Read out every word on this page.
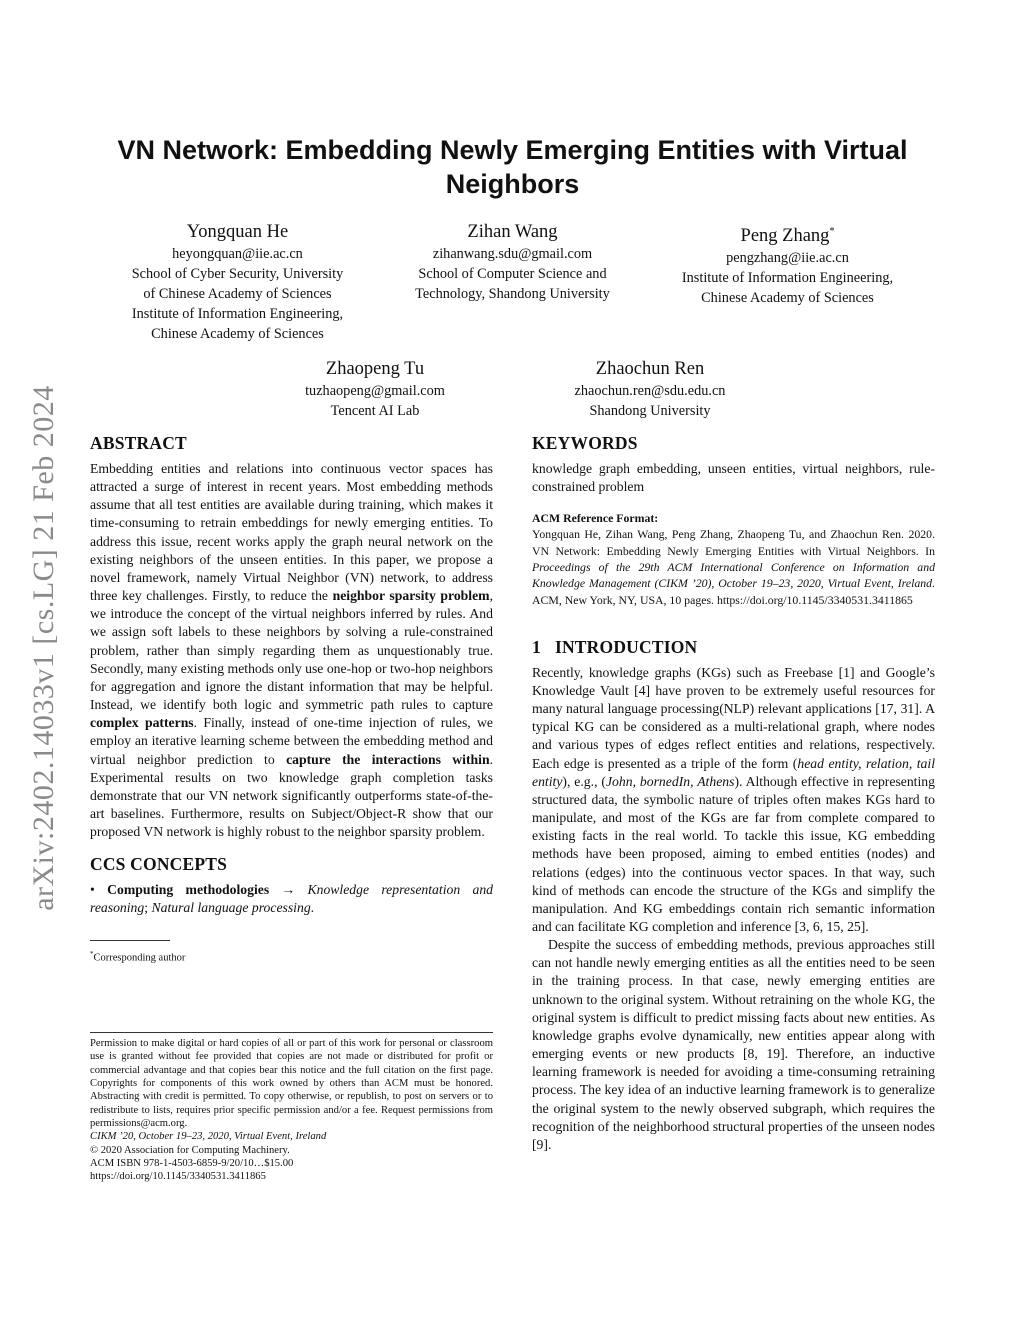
arXiv:2402.14033v1 [cs.LG] 21 Feb 2024
VN Network: Embedding Newly Emerging Entities with Virtual Neighbors
Yongquan He
heyongquan@iie.ac.cn
School of Cyber Security, University
of Chinese Academy of Sciences
Institute of Information Engineering,
Chinese Academy of Sciences
Zihan Wang
zihanwang.sdu@gmail.com
School of Computer Science and
Technology, Shandong University
Peng Zhang*
pengzhang@iie.ac.cn
Institute of Information Engineering,
Chinese Academy of Sciences
Zhaopeng Tu
tuzhaopeng@gmail.com
Tencent AI Lab
Zhaochun Ren
zhaochun.ren@sdu.edu.cn
Shandong University
ABSTRACT

Embedding entities and relations into continuous vector spaces has attracted a surge of interest in recent years. Most embedding methods assume that all test entities are available during training, which makes it time-consuming to retrain embeddings for newly emerging entities. To address this issue, recent works apply the graph neural network on the existing neighbors of the unseen entities. In this paper, we propose a novel framework, namely Virtual Neighbor (VN) network, to address three key challenges. Firstly, to reduce the neighbor sparsity problem, we introduce the concept of the virtual neighbors inferred by rules. And we assign soft labels to these neighbors by solving a rule-constrained problem, rather than simply regarding them as unquestionably true. Secondly, many existing methods only use one-hop or two-hop neighbors for aggregation and ignore the distant information that may be helpful. Instead, we identify both logic and symmetric path rules to capture complex patterns. Finally, instead of one-time injection of rules, we employ an iterative learning scheme between the embedding method and virtual neighbor prediction to capture the interactions within. Experimental results on two knowledge graph completion tasks demonstrate that our VN network significantly outperforms state-of-the-art baselines. Furthermore, results on Subject/Object-R show that our proposed VN network is highly robust to the neighbor sparsity problem.

CCS CONCEPTS

• Computing methodologies → Knowledge representation and reasoning; Natural language processing.

*Corresponding author

Permission to make digital or hard copies of all or part of this work for personal or classroom use is granted without fee provided that copies are not made or distributed for profit or commercial advantage and that copies bear this notice and the full citation on the first page. Copyrights for components of this work owned by others than ACM must be honored. Abstracting with credit is permitted. To copy otherwise, or republish, to post on servers or to redistribute to lists, requires prior specific permission and/or a fee. Request permissions from permissions@acm.org.

CIKM ’20, October 19–23, 2020, Virtual Event, Ireland

© 2020 Association for Computing Machinery.

ACM ISBN 978-1-4503-6859-9/20/10…$15.00

https://doi.org/10.1145/3340531.3411865

KEYWORDS

knowledge graph embedding, unseen entities, virtual neighbors, rule-constrained problem

ACM Reference Format:

Yongquan He, Zihan Wang, Peng Zhang, Zhaopeng Tu, and Zhaochun Ren. 2020. VN Network: Embedding Newly Emerging Entities with Virtual Neighbors. In Proceedings of the 29th ACM International Conference on Information and Knowledge Management (CIKM ’20), October 19–23, 2020, Virtual Event, Ireland. ACM, New York, NY, USA, 10 pages. https://doi.org/10.1145/3340531.3411865

1 INTRODUCTION

Recently, knowledge graphs (KGs) such as Freebase [1] and Google’s Knowledge Vault [4] have proven to be extremely useful resources for many natural language processing(NLP) relevant applications [17, 31]. A typical KG can be considered as a multi-relational graph, where nodes and various types of edges reflect entities and relations, respectively. Each edge is presented as a triple of the form (head entity, relation, tail entity), e.g., (John, bornedIn, Athens). Although effective in representing structured data, the symbolic nature of triples often makes KGs hard to manipulate, and most of the KGs are far from complete compared to existing facts in the real world. To tackle this issue, KG embedding methods have been proposed, aiming to embed entities (nodes) and relations (edges) into the continuous vector spaces. In that way, such kind of methods can encode the structure of the KGs and simplify the manipulation. And KG embeddings contain rich semantic information and can facilitate KG completion and inference [3, 6, 15, 25].

Despite the success of embedding methods, previous approaches still can not handle newly emerging entities as all the entities need to be seen in the training process. In that case, newly emerging entities are unknown to the original system. Without retraining on the whole KG, the original system is difficult to predict missing facts about new entities. As knowledge graphs evolve dynamically, new entities appear along with emerging events or new products [8, 19]. Therefore, an inductive learning framework is needed for avoiding a time-consuming retraining process. The key idea of an inductive learning framework is to generalize the original system to the newly observed subgraph, which requires the recognition of the neighborhood structural properties of the unseen nodes [9].
